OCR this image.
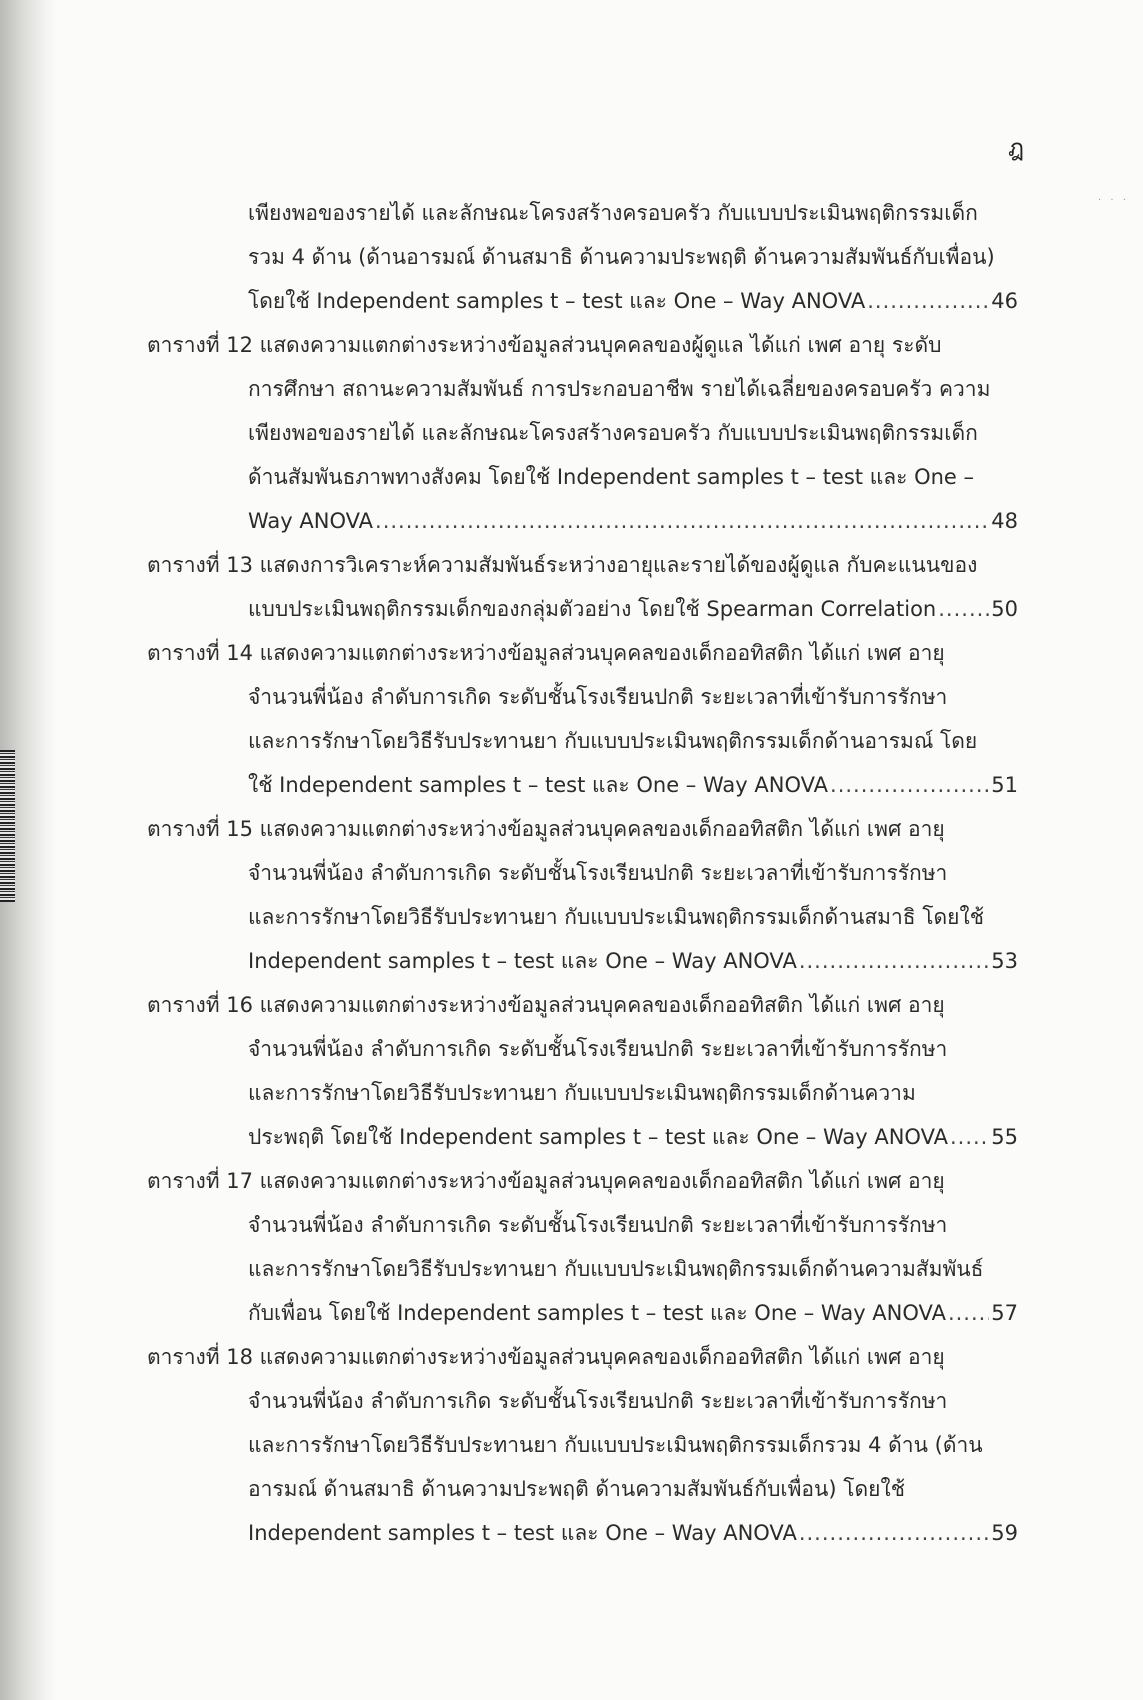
· · ·
ฎ
เพียงพอของรายได้ และลักษณะโครงสร้างครอบครัว กับแบบประเมินพฤติกรรมเด็ก
รวม 4 ด้าน (ด้านอารมณ์ ด้านสมาธิ ด้านความประพฤติ ด้านความสัมพันธ์กับเพื่อน)
โดยใช้ Independent samples t – test และ One – Way ANOVA .....	46
ตารางที่ 12 แสดงความแตกต่างระหว่างข้อมูลส่วนบุคคลของผู้ดูแล ได้แก่ เพศ อายุ ระดับ
การศึกษา สถานะความสัมพันธ์ การประกอบอาชีพ รายได้เฉลี่ยของครอบครัว ความ
เพียงพอของรายได้ และลักษณะโครงสร้างครอบครัว กับแบบประเมินพฤติกรรมเด็ก
ด้านสัมพันธภาพทางสังคม โดยใช้ Independent samples t – test และ One –
Way ANOVA .....	48
ตารางที่ 13 แสดงการวิเคราะห์ความสัมพันธ์ระหว่างอายุและรายได้ของผู้ดูแล กับคะแนนของ
แบบประเมินพฤติกรรมเด็กของกลุ่มตัวอย่าง โดยใช้ Spearman Correlation .....	50
ตารางที่ 14 แสดงความแตกต่างระหว่างข้อมูลส่วนบุคคลของเด็กออทิสติก ได้แก่ เพศ อายุ
จำนวนพี่น้อง ลำดับการเกิด ระดับชั้นโรงเรียนปกติ ระยะเวลาที่เข้ารับการรักษา
และการรักษาโดยวิธีรับประทานยา กับแบบประเมินพฤติกรรมเด็กด้านอารมณ์ โดย
ใช้ Independent samples t – test และ One – Way ANOVA .....	51
ตารางที่ 15 แสดงความแตกต่างระหว่างข้อมูลส่วนบุคคลของเด็กออทิสติก ได้แก่ เพศ อายุ
จำนวนพี่น้อง ลำดับการเกิด ระดับชั้นโรงเรียนปกติ ระยะเวลาที่เข้ารับการรักษา
และการรักษาโดยวิธีรับประทานยา กับแบบประเมินพฤติกรรมเด็กด้านสมาธิ โดยใช้
Independent samples t – test และ One – Way ANOVA .....	53
ตารางที่ 16 แสดงความแตกต่างระหว่างข้อมูลส่วนบุคคลของเด็กออทิสติก ได้แก่ เพศ อายุ
จำนวนพี่น้อง ลำดับการเกิด ระดับชั้นโรงเรียนปกติ ระยะเวลาที่เข้ารับการรักษา
และการรักษาโดยวิธีรับประทานยา กับแบบประเมินพฤติกรรมเด็กด้านความ
ประพฤติ โดยใช้ Independent samples t – test และ One – Way ANOVA ..... 55
ตารางที่ 17 แสดงความแตกต่างระหว่างข้อมูลส่วนบุคคลของเด็กออทิสติก ได้แก่ เพศ อายุ
จำนวนพี่น้อง ลำดับการเกิด ระดับชั้นโรงเรียนปกติ ระยะเวลาที่เข้ารับการรักษา
และการรักษาโดยวิธีรับประทานยา กับแบบประเมินพฤติกรรมเด็กด้านความสัมพันธ์
กับเพื่อน โดยใช้ Independent samples t – test และ One – Way ANOVA ..... 57
ตารางที่ 18 แสดงความแตกต่างระหว่างข้อมูลส่วนบุคคลของเด็กออทิสติก ได้แก่ เพศ อายุ
จำนวนพี่น้อง ลำดับการเกิด ระดับชั้นโรงเรียนปกติ ระยะเวลาที่เข้ารับการรักษา
และการรักษาโดยวิธีรับประทานยา กับแบบประเมินพฤติกรรมเด็กรวม 4 ด้าน (ด้าน
อารมณ์ ด้านสมาธิ ด้านความประพฤติ ด้านความสัมพันธ์กับเพื่อน) โดยใช้
Independent samples t – test และ One – Way ANOVA .....	59
